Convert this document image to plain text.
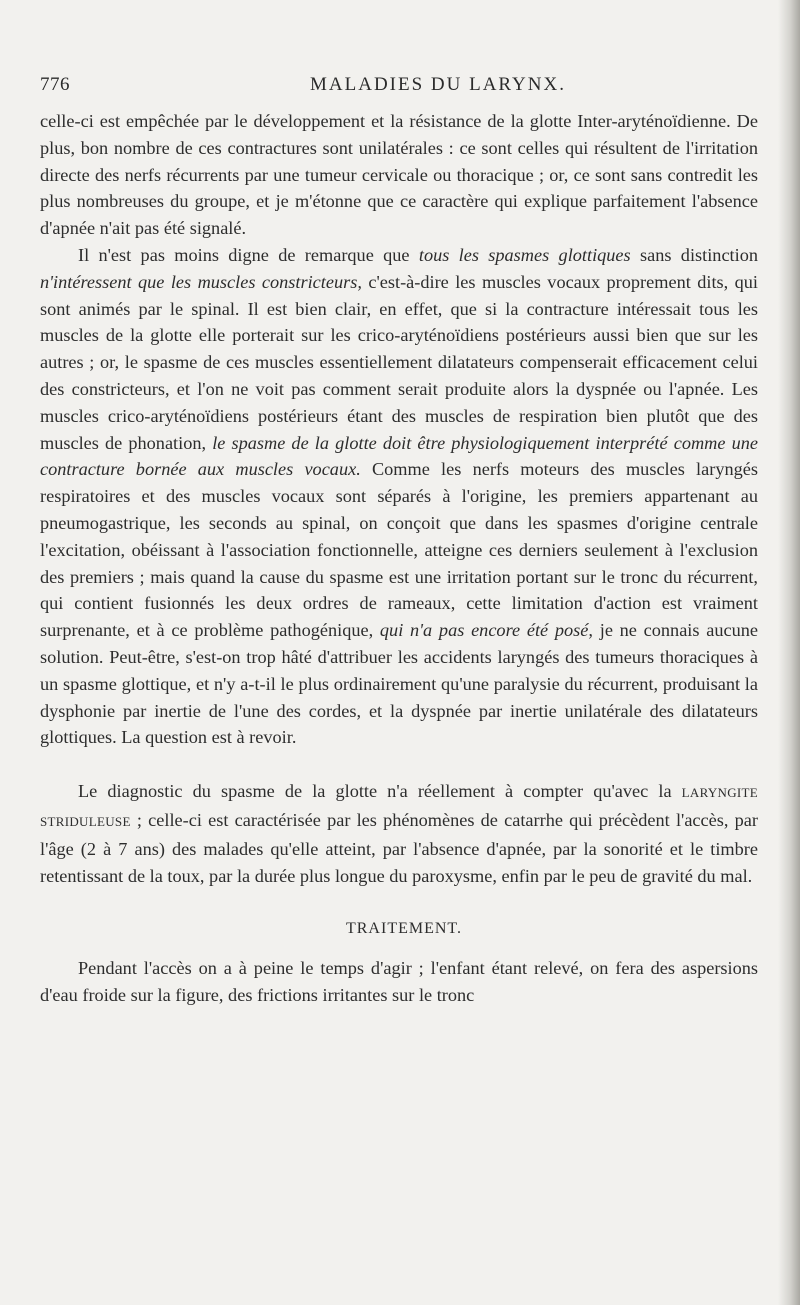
776	MALADIES DU LARYNX.

celle-ci est empêchée par le développement et la résistance de la glotte Inter-aryténoïdienne. De plus, bon nombre de ces contractures sont unilatérales : ce sont celles qui résultent de l'irritation directe des nerfs récurrents par une tumeur cervicale ou thoracique ; or, ce sont sans contredit les plus nombreuses du groupe, et je m'étonne que ce caractère qui explique parfaitement l'absence d'apnée n'ait pas été signalé.

Il n'est pas moins digne de remarque que tous les spasmes glottiques sans distinction n'intéressent que les muscles constricteurs, c'est-à-dire les muscles vocaux proprement dits, qui sont animés par le spinal. Il est bien clair, en effet, que si la contracture intéressait tous les muscles de la glotte elle porterait sur les crico-aryténoïdiens postérieurs aussi bien que sur les autres ; or, le spasme de ces muscles essentiellement dilatateurs compenserait efficacement celui des constricteurs, et l'on ne voit pas comment serait produite alors la dyspnée ou l'apnée. Les muscles crico-aryténoïdiens postérieurs étant des muscles de respiration bien plutôt que des muscles de phonation, le spasme de la glotte doit être physiologiquement interprété comme une contracture bornée aux muscles vocaux. Comme les nerfs moteurs des muscles laryngés respiratoires et des muscles vocaux sont séparés à l'origine, les premiers appartenant au pneumogastrique, les seconds au spinal, on conçoit que dans les spasmes d'origine centrale l'excitation, obéissant à l'association fonctionnelle, atteigne ces derniers seulement à l'exclusion des premiers ; mais quand la cause du spasme est une irritation portant sur le tronc du récurrent, qui contient fusionnés les deux ordres de rameaux, cette limitation d'action est vraiment surprenante, et à ce problème pathogénique, qui n'a pas encore été posé, je ne connais aucune solution. Peut-être, s'est-on trop hâté d'attribuer les accidents laryngés des tumeurs thoraciques à un spasme glottique, et n'y a-t-il le plus ordinairement qu'une paralysie du récurrent, produisant la dysphonie par inertie de l'une des cordes, et la dyspnée par inertie unilatérale des dilatateurs glottiques. La question est à revoir.

Le diagnostic du spasme de la glotte n'a réellement à compter qu'avec la LARYNGITE STRIDULEUSE ; celle-ci est caractérisée par les phénomènes de catarrhe qui précèdent l'accès, par l'âge (2 à 7 ans) des malades qu'elle atteint, par l'absence d'apnée, par la sonorité et le timbre retentissant de la toux, par la durée plus longue du paroxysme, enfin par le peu de gravité du mal.

TRAITEMENT.

Pendant l'accès on a à peine le temps d'agir ; l'enfant étant relevé, on fera des aspersions d'eau froide sur la figure, des frictions irritantes sur le tronc
